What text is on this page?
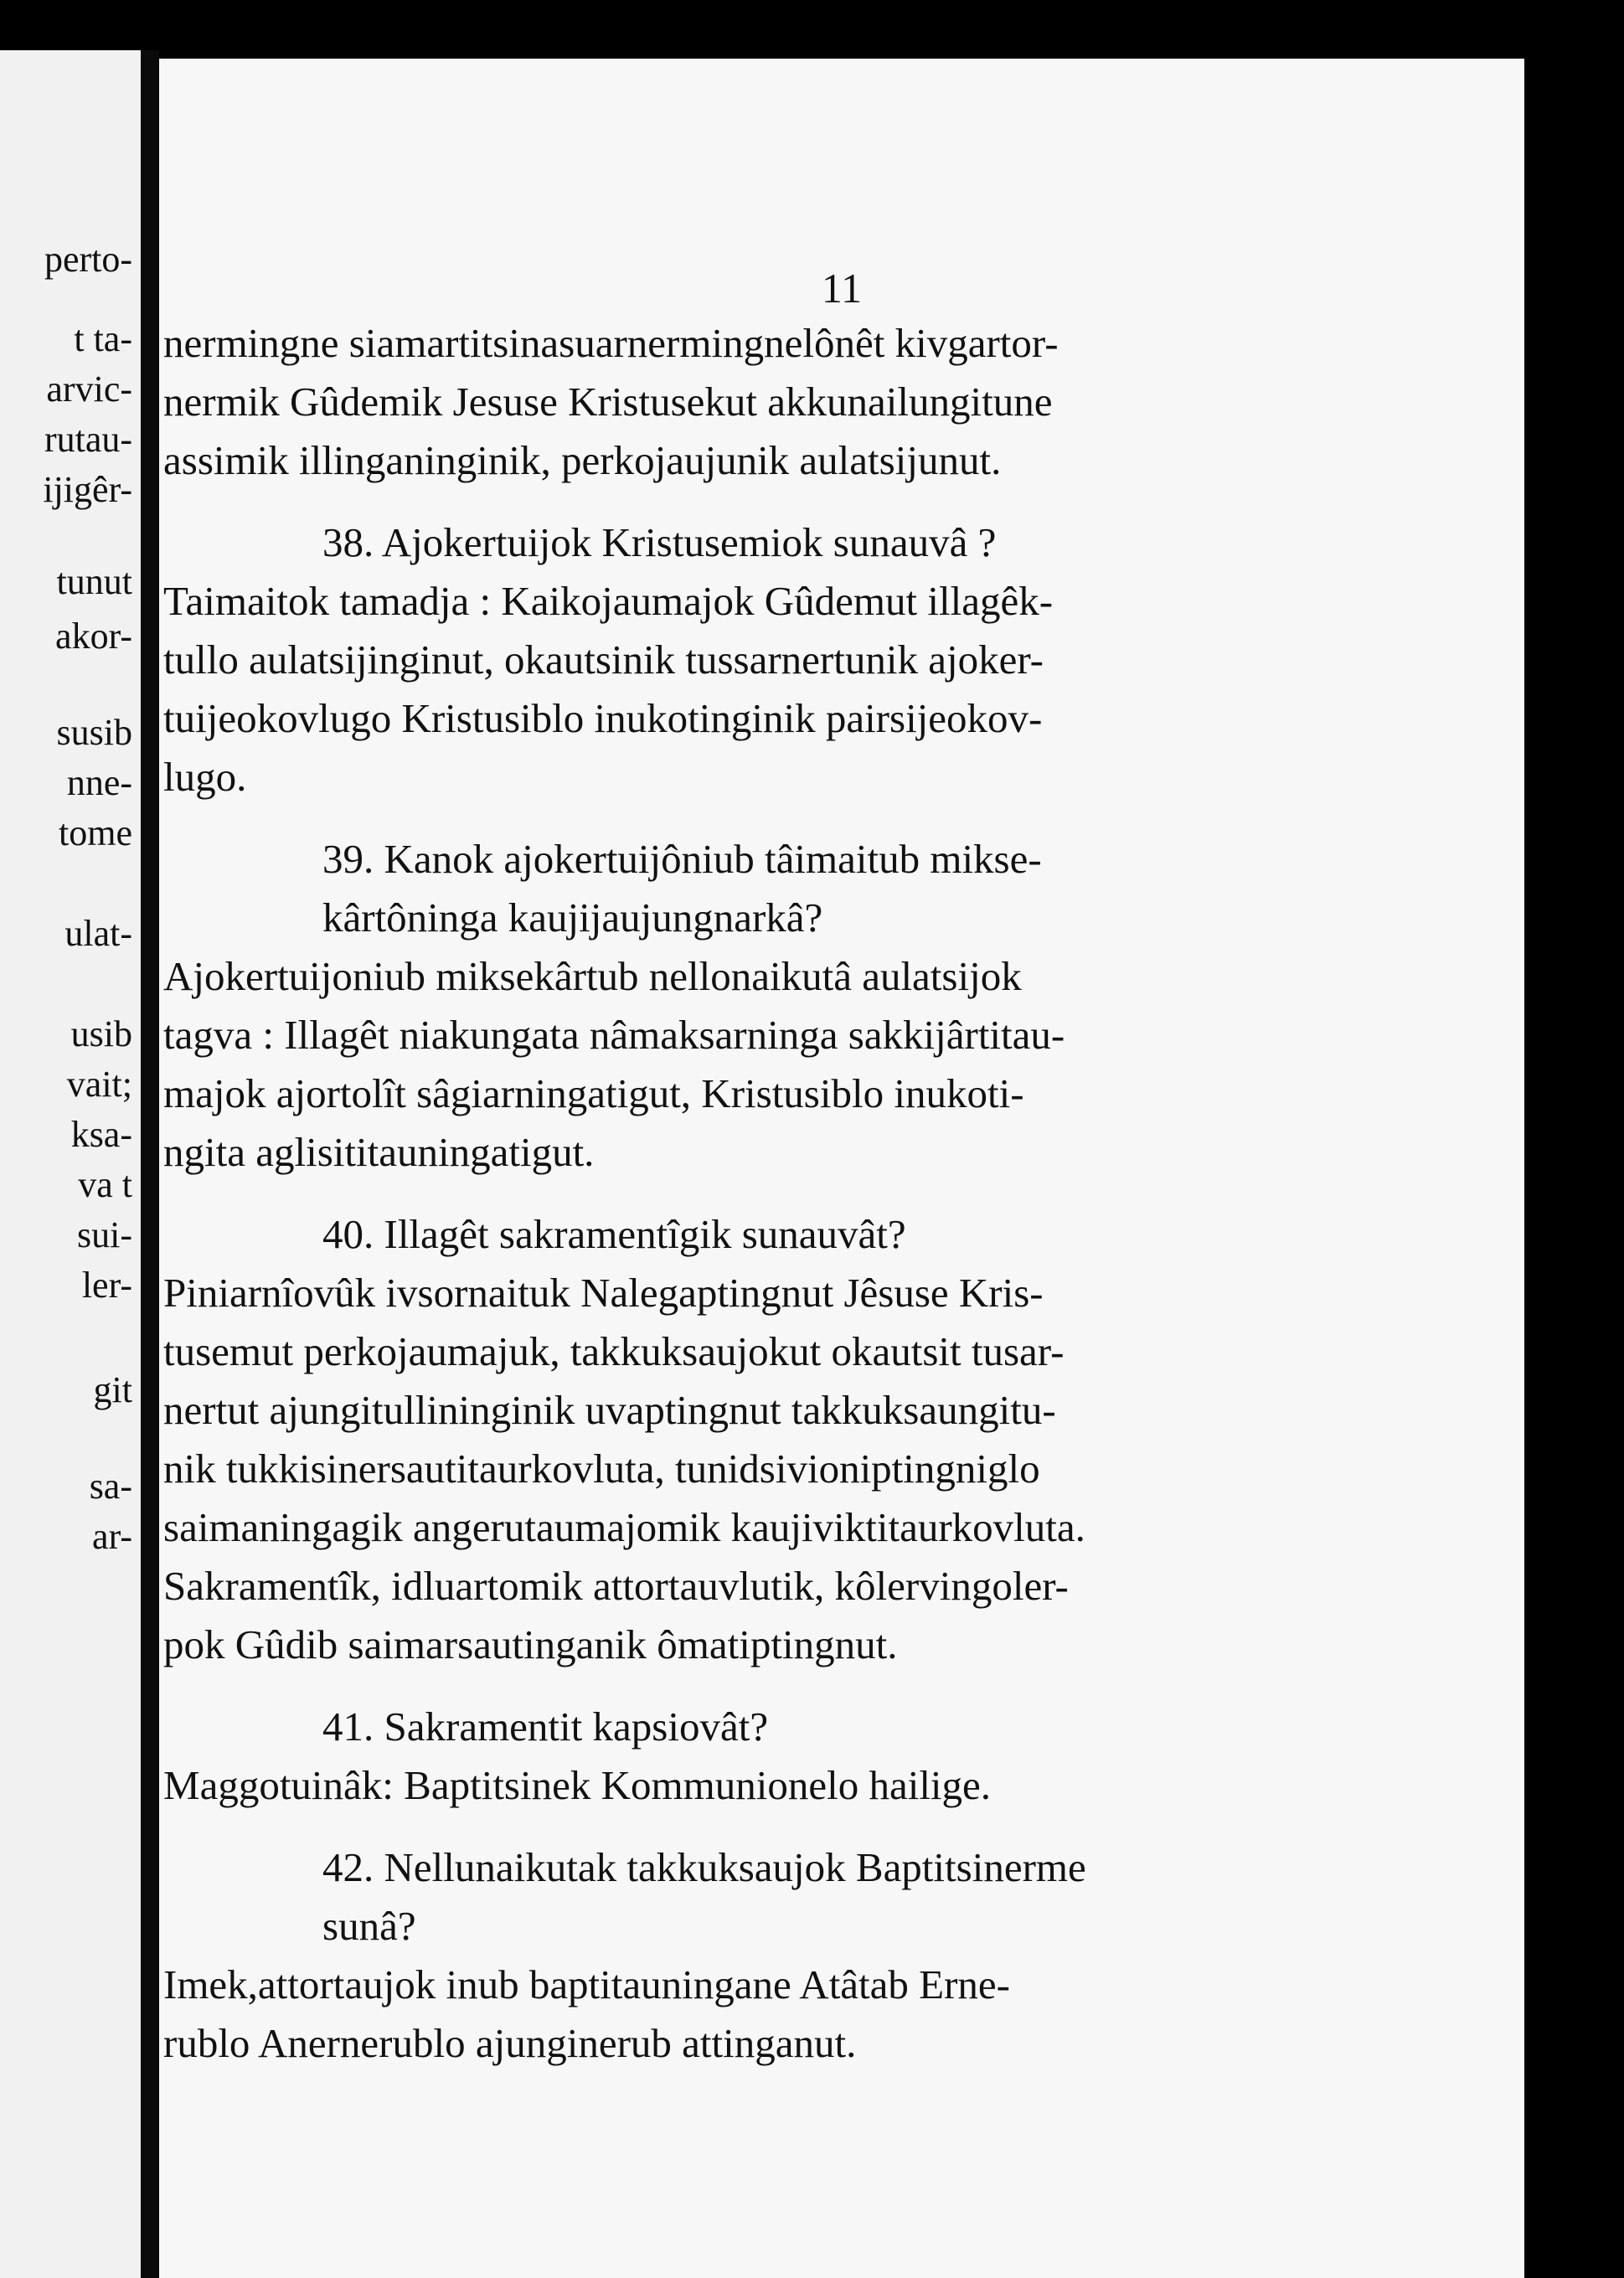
perto-
t ta-
arvic-
rutau-
ijigêr-
tunut
akor-
susib
nne-
tome
ulat-
usib
vait;
ksa-
va t
sui-
ler-
git
sa-
ar-
11

nermingne siamartitsinasuarnermingnelônêt kivgartor-
nermik Gûdemik Jesuse Kristusekut akkunailungitune
assimik illinganinginik, perkojaujunik aulatsijunut.

38. Ajokertuijok Kristusemiok sunauvâ ?

Taimaitok tamadja : Kaikojaumajok Gûdemut illagêk-
tullo aulatsijinginut, okautsinik tussarnertunik ajoker-
tuijeokovlugo Kristusiblo inukotinginik pairsijeokov-
lugo.

39. Kanok ajokertuijôniub tâimaitub mikse-
kârtôninga kaujijaujungnarkâ?

Ajokertuijoniub miksekârtub nellonaikutâ aulatsijok
tagva : Illagêt niakungata nâmaksarninga sakkijârtitau-
majok ajortolît sâgiarningatigut, Kristusiblo inukoti-
ngita aglisititauningatigut.

40. Illagêt sakramentîgik sunauvât?

Piniarnîovûk ivsornaituk Nalegaptingnut Jêsuse Kris-
tusemut perkojaumajuk, takkuksaujokut okautsit tusar-
nertut ajungitullininginik uvaptingnut takkuksaungitu-
nik tukkisinersautitaurkovluta, tunidsivioniptingniglo
saimaningagik angerutaumajomik kaujiviktitaurkovluta.
Sakramentîk, idluartomik attortauvlutik, kôlervingoler-
pok Gûdib saimarsautinganik ômatiptingnut.

41. Sakramentit kapsiovât?

Maggotuinâk: Baptitsinek Kommunionelo hailige.

42. Nellunaikutak takkuksaujok Baptitsinerme
sunâ?

Imek,attortaujok inub baptitauningane Atâtab Erne-
rublo Anernerublo ajunginerub attinganut.
